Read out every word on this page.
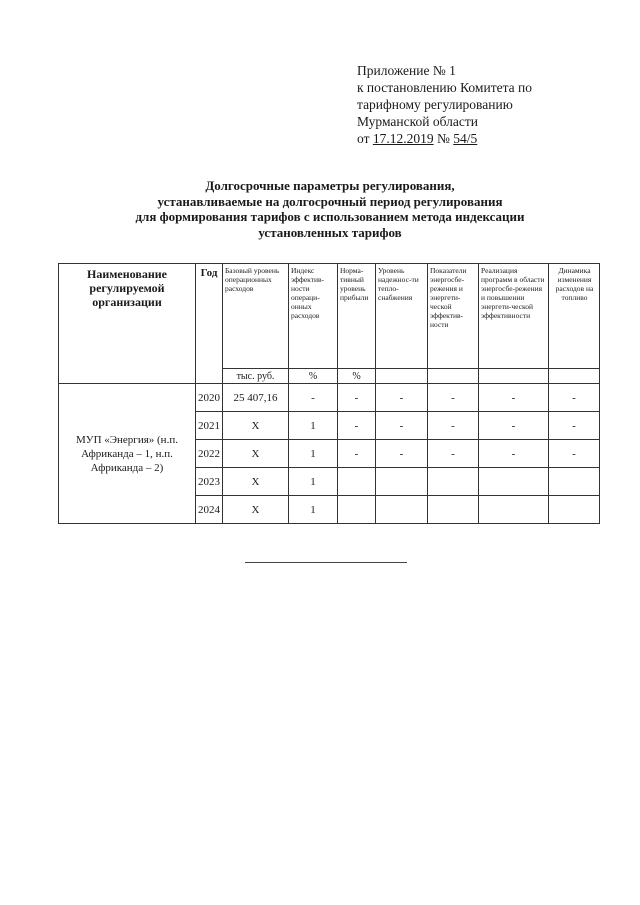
Приложение № 1
к постановлению Комитета по
тарифному регулированию
Мурманской области
от 17.12.2019 № 54/5
Долгосрочные параметры регулирования,
устанавливаемые на долгосрочный период регулирования
для формирования тарифов с использованием метода индексации
установленных тарифов
Наименование регулируемой организации	Год	Базовый уровень операционных расходов	Индекс эффектив-ности операци-онных расходов	Норма-тивный уровень прибыли	Уровень надежнос-ти тепло-снабжения	Показатели энергосбе-режения и энергети-ческой эффектив-ности	Реализация программ в области энергосбе-режения и повышении энергети-ческой эффективности	Динамика изменения расходов на топливо
		тыс. руб.	%	%				
МУП «Энергия» (н.п. Африканда – 1, н.п. Африканда – 2)	2020	25 407,16	-	-	-	-	-	-
	2021	Х	1	-	-	-	-	-
	2022	Х	1	-	-	-	-	-
	2023	Х	1					
	2024	Х	1					
